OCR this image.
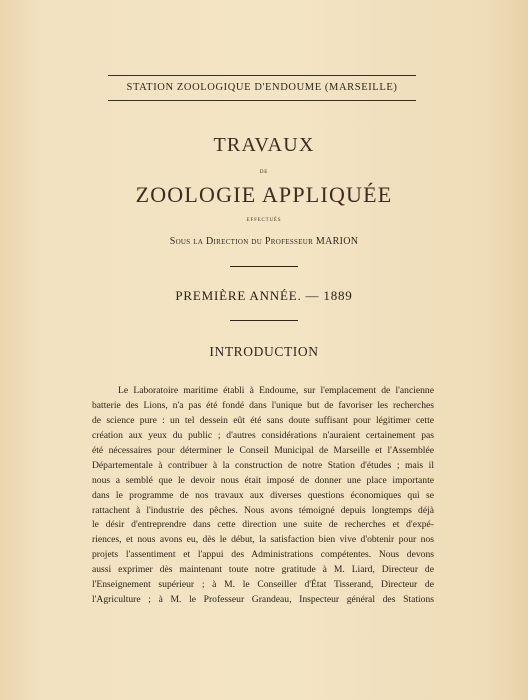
STATION ZOOLOGIQUE D'ENDOUME (MARSEILLE)
TRAVAUX
DE
ZOOLOGIE APPLIQUÉE
EFFECTUÉS
Sous la Direction du Professeur MARION
PREMIÈRE ANNÉE. — 1889
INTRODUCTION
Le Laboratoire maritime établi à Endoume, sur l'emplacement de l'ancienne
batterie des Lions, n'a pas été fondé dans l'unique but de favoriser les recherches
de science pure : un tel dessein eût été sans doute suffisant pour légitimer cette
création aux yeux du public ; d'autres considérations n'auraient certainement pas
été nécessaires pour déterminer le Conseil Municipal de Marseille et l'Assemblée
Départementale à contribuer à la construction de notre Station d'études ; mais il
nous a semblé que le devoir nous était imposé de donner une place importante
dans le programme de nos travaux aux diverses questions économiques qui se
rattachent à l'industrie des pêches. Nous avons témoigné depuis longtemps déjà
le désir d'entreprendre dans cette direction une suite de recherches et d'expé-
riences, et nous avons eu, dès le début, la satisfaction bien vive d'obtenir pour nos
projets l'assentiment et l'appui des Administrations compétentes. Nous devons
aussi exprimer dès maintenant toute notre gratitude à M. Liard, Directeur de
l'Enseignement supérieur ; à M. le Conseiller d'État Tisserand, Directeur de
l'Agriculture ; à M. le Professeur Grandeau, Inspecteur général des Stations
